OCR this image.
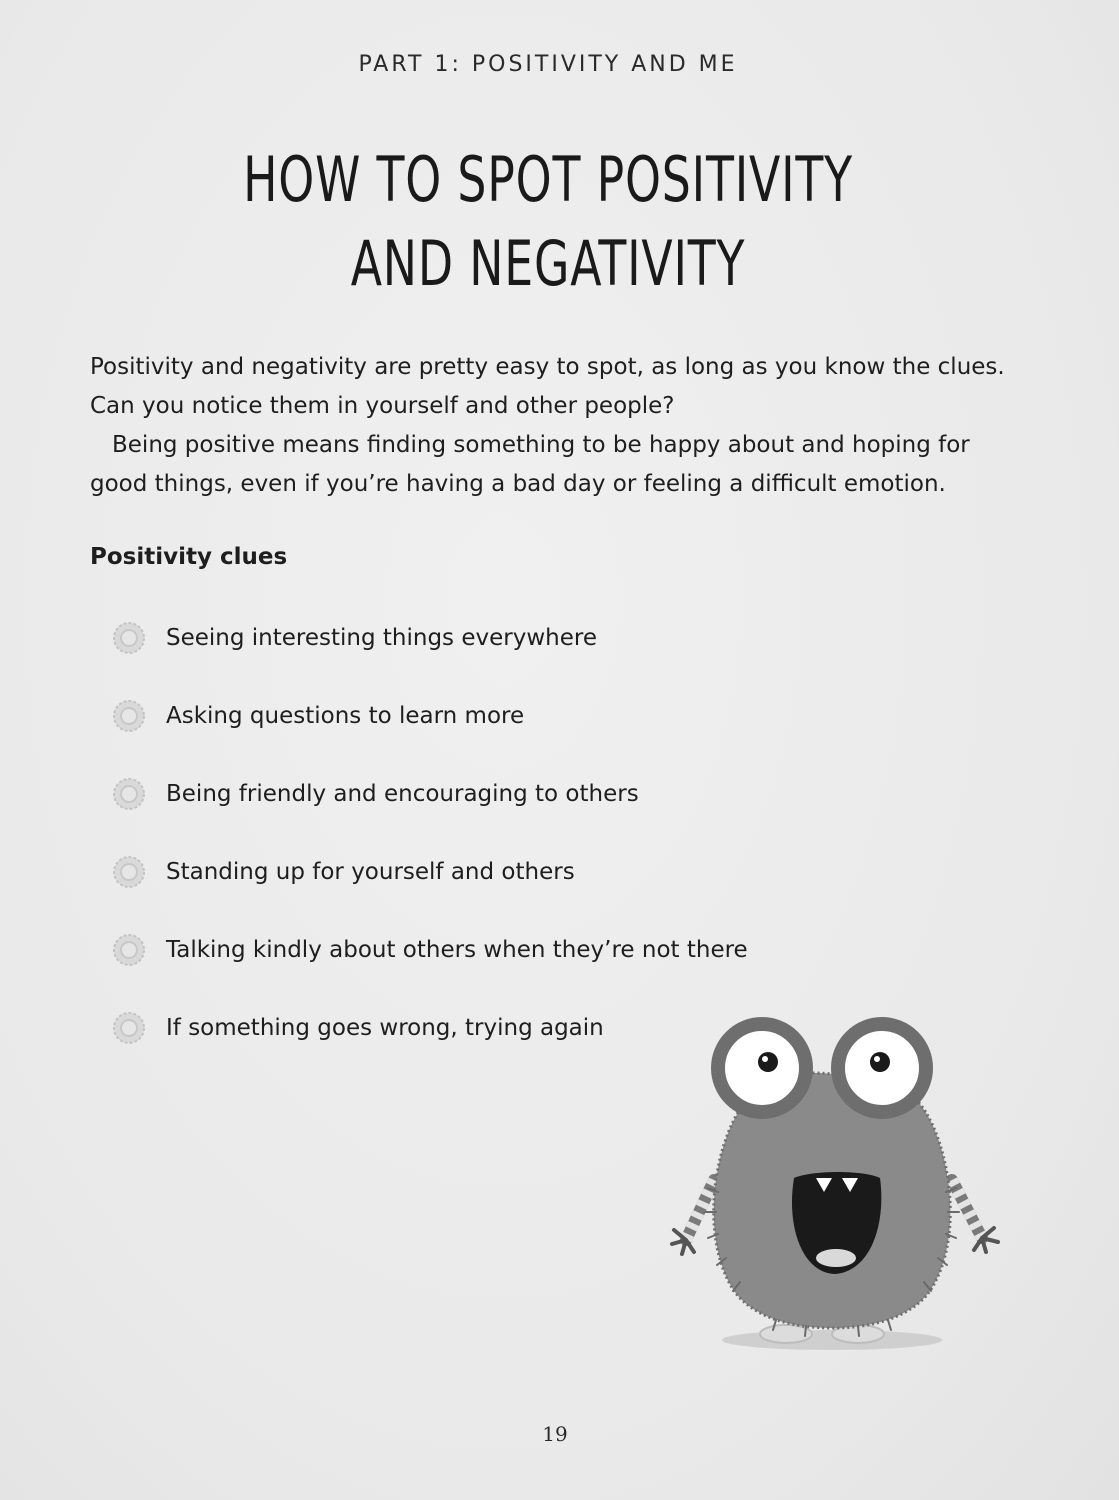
PART 1: POSITIVITY AND ME
HOW TO SPOT POSITIVITY
AND NEGATIVITY

Positivity and negativity are pretty easy to spot, as long as you know the clues. Can you notice them in yourself and other people?

Being positive means finding something to be happy about and hoping for good things, even if you’re having a bad day or feeling a difficult emotion.

Positivity clues
Seeing interesting things everywhere
Asking questions to learn more
Being friendly and encouraging to others
Standing up for yourself and others
Talking kindly about others when they’re not there
If something goes wrong, trying again
19
